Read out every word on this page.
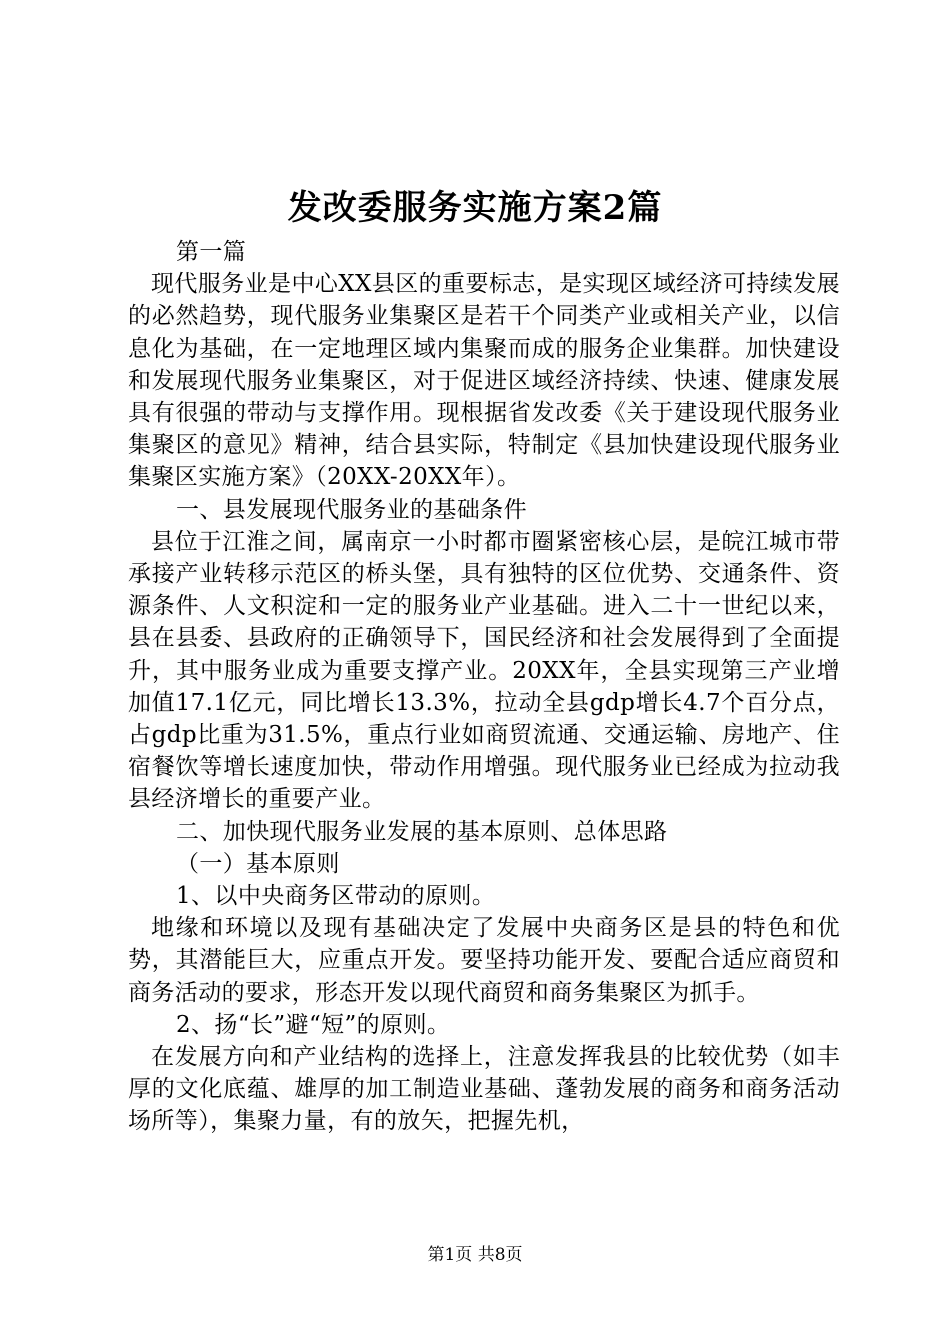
发改委服务实施方案2篇

第一篇

现代服务业是中心XX县区的重要标志，是实现区域经济可持续发展的必然趋势，现代服务业集聚区是若干个同类产业或相关产业，以信息化为基础，在一定地理区域内集聚而成的服务企业集群。加快建设和发展现代服务业集聚区，对于促进区域经济持续、快速、健康发展具有很强的带动与支撑作用。现根据省发改委《关于建设现代服务业集聚区的意见》精神，结合县实际，特制定《县加快建设现代服务业集聚区实施方案》（20XX-20XX年）。

一、县发展现代服务业的基础条件

县位于江淮之间，属南京一小时都市圈紧密核心层，是皖江城市带承接产业转移示范区的桥头堡，具有独特的区位优势、交通条件、资源条件、人文积淀和一定的服务业产业基础。进入二十一世纪以来，县在县委、县政府的正确领导下，国民经济和社会发展得到了全面提升，其中服务业成为重要支撑产业。20XX年，全县实现第三产业增加值17.1亿元，同比增长13.3%，拉动全县gdp增长4.7个百分点，占gdp比重为31.5%，重点行业如商贸流通、交通运输、房地产、住宿餐饮等增长速度加快，带动作用增强。现代服务业已经成为拉动我县经济增长的重要产业。

二、加快现代服务业发展的基本原则、总体思路

（一）基本原则

1、以中央商务区带动的原则。

地缘和环境以及现有基础决定了发展中央商务区是县的特色和优势，其潜能巨大，应重点开发。要坚持功能开发、要配合适应商贸和商务活动的要求，形态开发以现代商贸和商务集聚区为抓手。

2、扬“长”避“短”的原则。

在发展方向和产业结构的选择上，注意发挥我县的比较优势（如丰厚的文化底蕴、雄厚的加工制造业基础、蓬勃发展的商务和商务活动场所等），集聚力量，有的放矢，把握先机，

第1页 共8页
